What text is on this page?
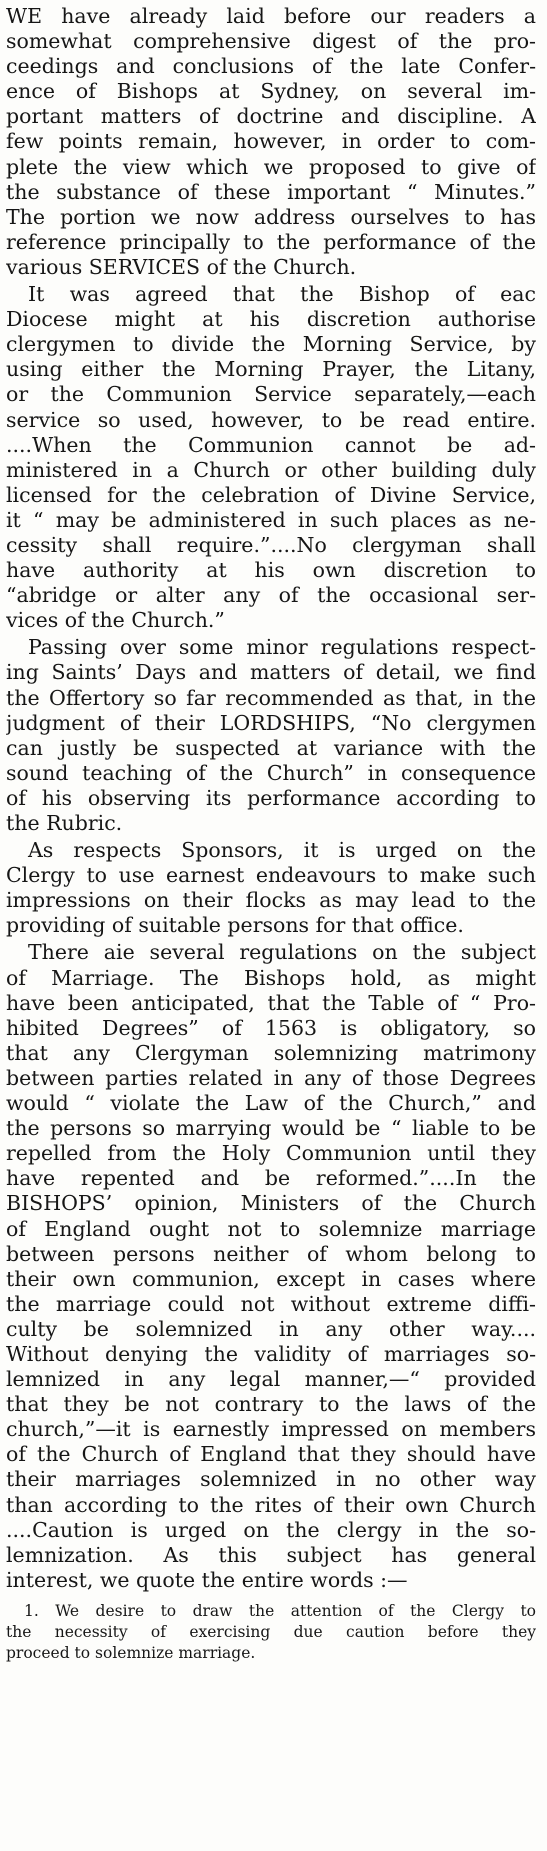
WE have already laid before our readers a
somewhat comprehensive digest of the pro-
ceedings and conclusions of the late Confer-
ence of Bishops at Sydney, on several im-
portant matters of doctrine and discipline. A
few points remain, however, in order to com-
plete the view which we proposed to give of
the substance of these important “ Minutes.”
The portion we now address ourselves to has
reference principally to the performance of the
various SERVICES of the Church.
It was agreed that the Bishop of eac
Diocese might at his discretion authorise
clergymen to divide the Morning Service, by
using either the Morning Prayer, the Litany,
or the Communion Service separately,—each
service so used, however, to be read entire.
....When the Communion cannot be ad-
ministered in a Church or other building duly
licensed for the celebration of Divine Service,
it “ may be administered in such places as ne-
cessity shall require.”....No clergyman shall
have authority at his own discretion to
“abridge or alter any of the occasional ser-
vices of the Church.”
Passing over some minor regulations respect-
ing Saints’ Days and matters of detail, we find
the Offertory so far recommended as that, in the
judgment of their LORDSHIPS, “No clergymen
can justly be suspected at variance with the
sound teaching of the Church” in consequence
of his observing its performance according to
the Rubric.
As respects Sponsors, it is urged on the
Clergy to use earnest endeavours to make such
impressions on their flocks as may lead to the
providing of suitable persons for that office.
There aie several regulations on the subject
of Marriage. The Bishops hold, as might
have been anticipated, that the Table of “ Pro-
hibited Degrees” of 1563 is obligatory, so
that any Clergyman solemnizing matrimony
between parties related in any of those Degrees
would “ violate the Law of the Church,” and
the persons so marrying would be “ liable to be
repelled from the Holy Communion until they
have repented and be reformed.”....In the
BISHOPS’ opinion, Ministers of the Church
of England ought not to solemnize marriage
between persons neither of whom belong to
their own communion, except in cases where
the marriage could not without extreme diffi-
culty be solemnized in any other way....
Without denying the validity of marriages so-
lemnized in any legal manner,—“ provided
that they be not contrary to the laws of the
church,”—it is earnestly impressed on members
of the Church of England that they should have
their marriages solemnized in no other way
than according to the rites of their own Church
....Caution is urged on the clergy in the so-
lemnization. As this subject has general
interest, we quote the entire words :—
1. We desire to draw the attention of the Clergy to
the necessity of exercising due caution before they
proceed to solemnize marriage.
